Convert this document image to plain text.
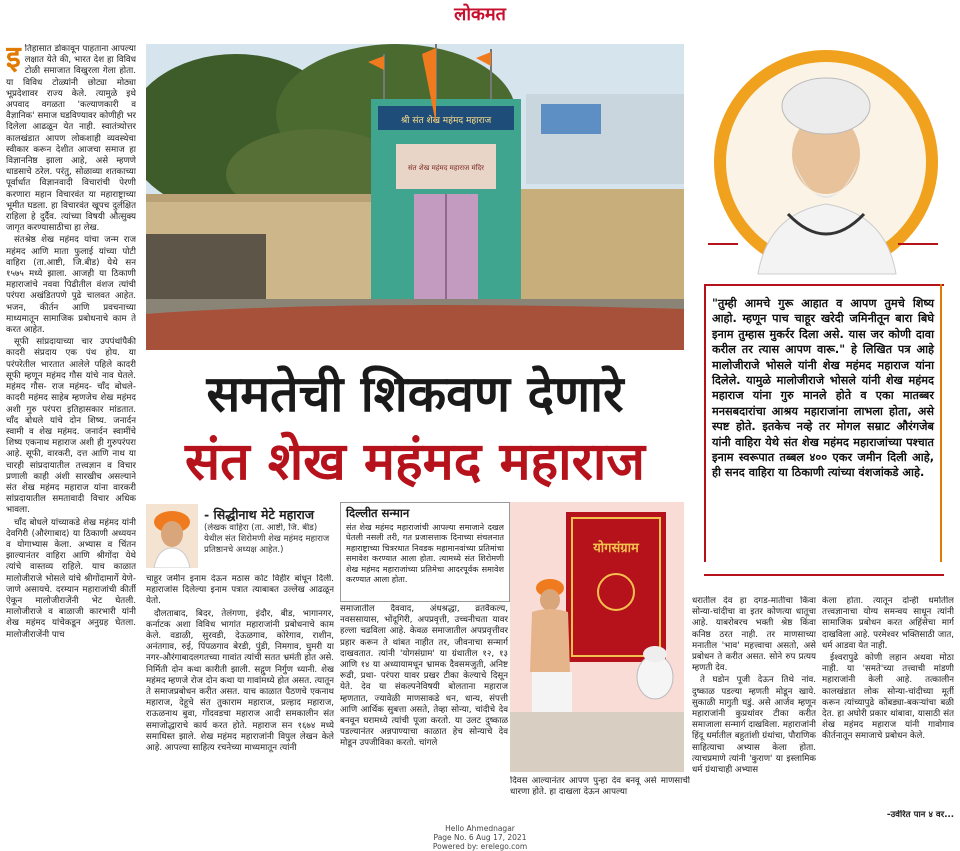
लोकमत
इ तिहासात डोकावून पाहताना आपल्या लक्षात येते की, भारत देश हा विविध टोळी समाजात विखुरला गेला होता. या विविध टोळ्यांनी छोट्या मोठ्या भूप्रदेशावर राज्य केले. त्यामुळे इथे अपवाद वगळता 'कल्याणकारी व वैज्ञानिक' समाज घडविण्यावर कोणीही भर दिलेला आढळून येत नाही. स्वातंत्र्योत्तर कालखंडात आपण लोकशाही व्यवस्थेचा स्वीकार करून देशीत आजचा समाज हा विज्ञाननिष्ठ झाला आहे, असे म्हणणे धाडसाचे ठरेल. परंतु, सोळाव्या शतकाच्या पूर्वार्धात विज्ञानवादी विचारांची पेरणी करणारा महान विचारवंत या महाराष्ट्राच्या भूमीत घडला. हा विचारवंत खूपच दुर्लक्षित राहिला हे दुर्दैव. त्यांच्या विषयी औत्सुक्य जागृत करण्यासाठीचा हा लेख.

संतश्रेष्ठ शेख महंमद यांचा जन्म राज महंमद आणि माता फुलाई यांच्या पोटी वाहिरा (ता.आष्टी, जि.बीड) येथे सन १५७५ मध्ये झाला. आजही या ठिकाणी महाराजांचे नववा पिढीतील वंशज त्यांची परंपरा अखंडितपणे पुढे चालवत आहेत. भजन, कीर्तन आणि प्रवचनाच्या माध्यमातून सामाजिक प्रबोधनाचे काम ते करत आहेत.

सूफी सांप्रदायाच्या चार उपपंथांपैकी कादरी संप्रदाय एक पंथ होय. या परंपरेतील भारतात आलेले पहिले कादरी सूफी म्हणून महंमद गौस यांचे नाव घेतले. महंमद गौस- राज महंमद- चाँद बोधले- कादरी महंमद साहेब म्हणजेच शेख महंमद अशी गुरु परंपरा इतिहासकार मांडतात. चाँद बोधले यांचे दोन शिष्य. जनार्दन स्वामी व शेख महंमद. जनार्दन स्वामींचे शिष्य एकनाथ महाराज अशी ही गुरुपरंपरा आहे. सूफी, वारकरी, दत्त आणि नाथ या चारही सांप्रदायातील तत्त्वज्ञान व विचार प्रणाली काही अंशी सारखीच असल्याने संत शेख महंमद महाराज यांना वारकरी सांप्रदायातील समतावादी विचार अधिक भावला.

चाँद बोधले यांच्याकडे शेख महंमद यांनी देवगिरी (औरंगाबाद) या ठिकाणी अध्ययन व योगाभ्यास केला. अभ्यास व चिंतन झाल्यानंतर वाहिरा आणि श्रीगोंदा येथे त्यांचे वास्तव्य राहिले. याच काळात मालोजीराजे भोसले यांचे श्रीगोंदामार्गे येणे-जाणे असायचे. दरम्यान महाराजांची कीर्ती ऐकून मालोजीराजेंनी भेट घेतली. मालोजीराजे व बाळाजी कारभारी यांनी शेख महंमद यांचेकडून अनुग्रह घेतला. मालोजीराजेंनी पाच

श्री संत शेख महंमद महाराज
संत शेख महंमद महाराज मंदिर
"तुम्ही आमचे गुरू आहात व आपण तुमचे शिष्य आहो. म्हणून पाच चाहूर खरेदी जमिनीतून बारा बिघे इनाम तुम्हास मुकर्रर दिला असे. यास जर कोणी दावा करील तर त्यास आपण वारू." हे लिखित पत्र आहे मालोजीराजे भोसले यांनी शेख महंमद महाराज यांना दिलेले. यामुळे मालोजीराजे भोसले यांनी शेख महंमद महाराज यांना गुरु मानले होते व एका मातब्बर मनसबदारांचा आश्रय महाराजांना लाभला होता, असे स्पष्ट होते. इतकेच नव्हे तर मोगल सम्राट औरंगजेब यांनी वाहिरा येथे संत शेख महंमद महाराजांच्या पश्चात इनाम स्वरूपात तब्बल ४०० एकर जमीन दिली आहे, ही सनद वाहिरा या ठिकाणी त्यांच्या वंशजांकडे आहे.
समतेची शिकवण देणारे
संत शेख महंमद महाराज
- सिद्धीनाथ मेटे महाराज
(लेखक वाहिरा (ता. आष्टी, जि. बीड) येथील संत शिरोमणी शेख महंमद महाराज प्रतिष्ठानचे अध्यक्ष आहेत.)
दिल्लीत सन्मान
संत शेख महंमद महाराजांची आपल्या समाजाने दखल घेतली नसली तरी, गत प्रजासत्ताक दिनाच्या संचलनात महाराष्ट्राच्या चित्ररथात निवडक महामानवांच्या प्रतिमांचा समावेश करण्यात आला होता. त्यामध्ये संत शिरोमणी शेख महंमद महाराजांच्या प्रतिमेचा आदरपूर्वक समावेश करण्यात आला होता.
योगसंग्राम

चाहूर जमीन इनाम देऊन मठास कोट विहीर बांधून दिली. महाराजांस दिलेल्या इनाम पत्रात त्याबाबत उल्लेख आढळून येतो.

दौलताबाद, बिदर, तेलंगणा, इंदौर, बीड, भागानगर, कर्नाटक अशा विविध भागांत महाराजांनी प्रबोधनाचे काम केले. वडाळी, सुरवडी, देऊळगाव, कोरेगाव, राशीन, अनंतगाव, रुई, पिंपळगाव बेरडी, पुंडी, निमगाव, घुमरी या नगर-औरंगाबादलगतच्या गावांत त्यांची सतत भ्रमंती होत असे. निर्मिती दोन कथा कारीती झाली. सद्गुण निर्गुण ध्यानी. शेख महंमद म्हणजे रोज दोन कथा या गावांमध्ये होत असत. त्यातून ते समाजप्रबोधन करीत असत. याच काळात पैठणचे एकनाथ महाराज, देहूचे संत तुकाराम महाराज, प्रल्हाद महाराज, राऊळनाथ बुवा, गोंदवडचा महाराज आदी समकालीन संत समाजोद्धाराचे कार्य करत होते. महाराज सन १६७४ मध्ये समाधिस्त झाले. शेख महंमद महाराजांनी विपुल लेखन केले आहे. आपल्या साहित्य रचनेच्या माध्यमातून त्यांनी

समाजातील दैववाद, अंधश्रद्धा, व्रतवैकल्य, नवससायास, भोंदूगिरी, अपप्रवृत्ती, उच्चनीचता यावर हल्ला चढविला आहे. केवळ समाजातील अपप्रवृत्तीवर प्रहार करून ते थांबत नाहीत तर, जीवनाचा सन्मार्ग दाखवतात. त्यांनी 'योगसंग्राम' या ग्रंथातील १२, १३ आणि १४ या अध्यायामधून भ्रामक दैवसमजुती, अनिष्ट रूढी, प्रथा- परंपरा यावर प्रखर टीका केल्याचे दिसून येते. देव या संकल्पनेविषयी बोलताना महाराज म्हणतात, ज्यावेळी माणसाकडे धन, धान्य, संपत्ती आणि आर्थिक सुबत्ता असते, तेव्हा सोन्या, चांदीचे देव बनवून घरामध्ये त्यांची पूजा करतो. या उलट दुष्काळ पडल्यानंतर अन्नपाण्याचा काळात हेच सोन्याचे देव मोडून उपजीविका करतो. चांगले

दिवस आल्यानंतर आपण पुन्हा देव बनवू असे माणसाची धारणा होते. हा दाखला देऊन आपल्या

धरातील देव हा दगड-मातीचा किंवा सोन्या-चांदीचा वा इतर कोणत्या धातूचा आहे. याबरोबरच भक्ती श्रेष्ठ किंवा कनिष्ठ ठरत नाही. तर माणसाच्या मनातील 'भाव' महत्त्वाचा असतो, असे प्रबोधन ते करीत असत. सोने रुप प्रत्यय म्हणती देव.

ते घडोन पूजी देऊन तिथे नांव. दुष्काळ पडल्या म्हणती मोडून खाये. सुकाळी मागुती घडुं. असे आर्जव म्हणून महाराजांनी कुप्रथांवर टीका करीत समाजाला सन्मार्ग दाखविला. महाराजांनी हिंदू धर्मातील बहुतांशी ग्रंथांचा, पौराणिक साहित्याचा अभ्यास केला होता. त्याचप्रमाणे त्यांनी 'कुराण' या इस्लामिक धर्म ग्रंथाचाही अभ्यास

केला होता. त्यातून दोन्ही धर्मातील तत्त्वज्ञानाचा योग्य समन्वय साधून त्यांनी सामाजिक प्रबोधन करत अहिंसेचा मार्ग दाखविला आहे. परमेश्वर भक्तिसाठी जात, धर्म आडवा येत नाही.

ईश्वरापुढे कोणी लहान अथवा मोठा नाही. या 'समते'च्या तत्त्वाची मांडणी महाराजांनी केली आहे. तत्कालीन कालखंडात लोक सोन्या-चांदीच्या मूर्ती करून त्यांच्यापुढे कोंबड्या-बकऱ्यांचा बळी देत. हा अघोरी प्रकार थांबावा, यासाठी संत शेख महंमद महाराज यांनी गावोगाव कीर्तनातून समाजाचे प्रबोधन केले.

-उर्वरित पान ४ वर...
Hello Ahmednagar
Page No. 6 Aug 17, 2021
Powered by: erelego.com
